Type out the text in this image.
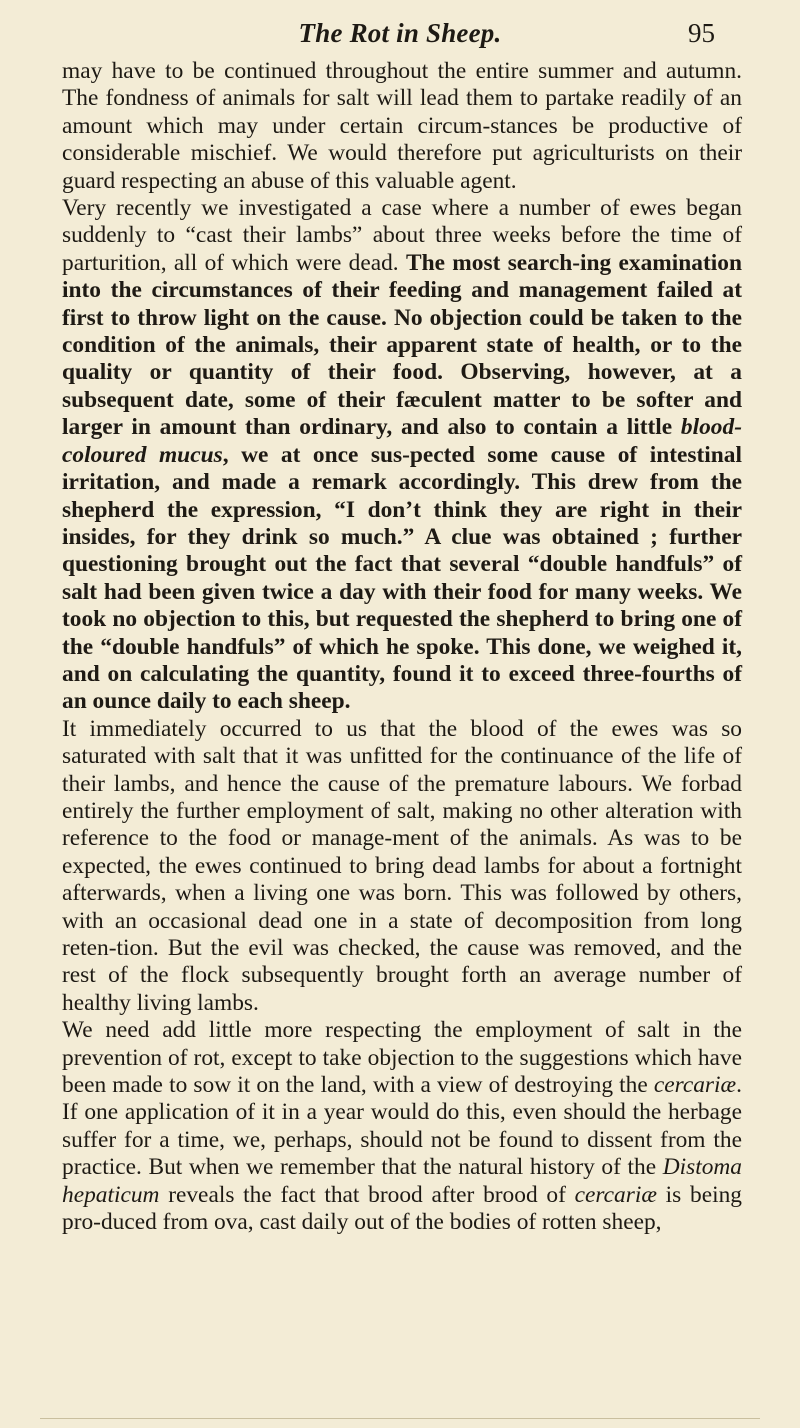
The Rot in Sheep.	95

may have to be continued throughout the entire summer and autumn. The fondness of animals for salt will lead them to partake readily of an amount which may under certain circum-stances be productive of considerable mischief. We would therefore put agriculturists on their guard respecting an abuse of this valuable agent.

Very recently we investigated a case where a number of ewes began suddenly to “cast their lambs” about three weeks before the time of parturition, all of which were dead. The most search-ing examination into the circumstances of their feeding and management failed at first to throw light on the cause. No objection could be taken to the condition of the animals, their apparent state of health, or to the quality or quantity of their food. Observing, however, at a subsequent date, some of their fæculent matter to be softer and larger in amount than ordinary, and also to contain a little blood-coloured mucus, we at once sus-pected some cause of intestinal irritation, and made a remark accordingly. This drew from the shepherd the expression, “I don’t think they are right in their insides, for they drink so much.” A clue was obtained ; further questioning brought out the fact that several “double handfuls” of salt had been given twice a day with their food for many weeks. We took no objection to this, but requested the shepherd to bring one of the “double handfuls” of which he spoke. This done, we weighed it, and on calculating the quantity, found it to exceed three-fourths of an ounce daily to each sheep.

It immediately occurred to us that the blood of the ewes was so saturated with salt that it was unfitted for the continuance of the life of their lambs, and hence the cause of the premature labours. We forbad entirely the further employment of salt, making no other alteration with reference to the food or manage-ment of the animals. As was to be expected, the ewes continued to bring dead lambs for about a fortnight afterwards, when a living one was born. This was followed by others, with an occasional dead one in a state of decomposition from long reten-tion. But the evil was checked, the cause was removed, and the rest of the flock subsequently brought forth an average number of healthy living lambs.

We need add little more respecting the employment of salt in the prevention of rot, except to take objection to the suggestions which have been made to sow it on the land, with a view of destroying the cercariæ. If one application of it in a year would do this, even should the herbage suffer for a time, we, perhaps, should not be found to dissent from the practice. But when we remember that the natural history of the Distoma hepaticum reveals the fact that brood after brood of cercariæ is being pro-duced from ova, cast daily out of the bodies of rotten sheep,
